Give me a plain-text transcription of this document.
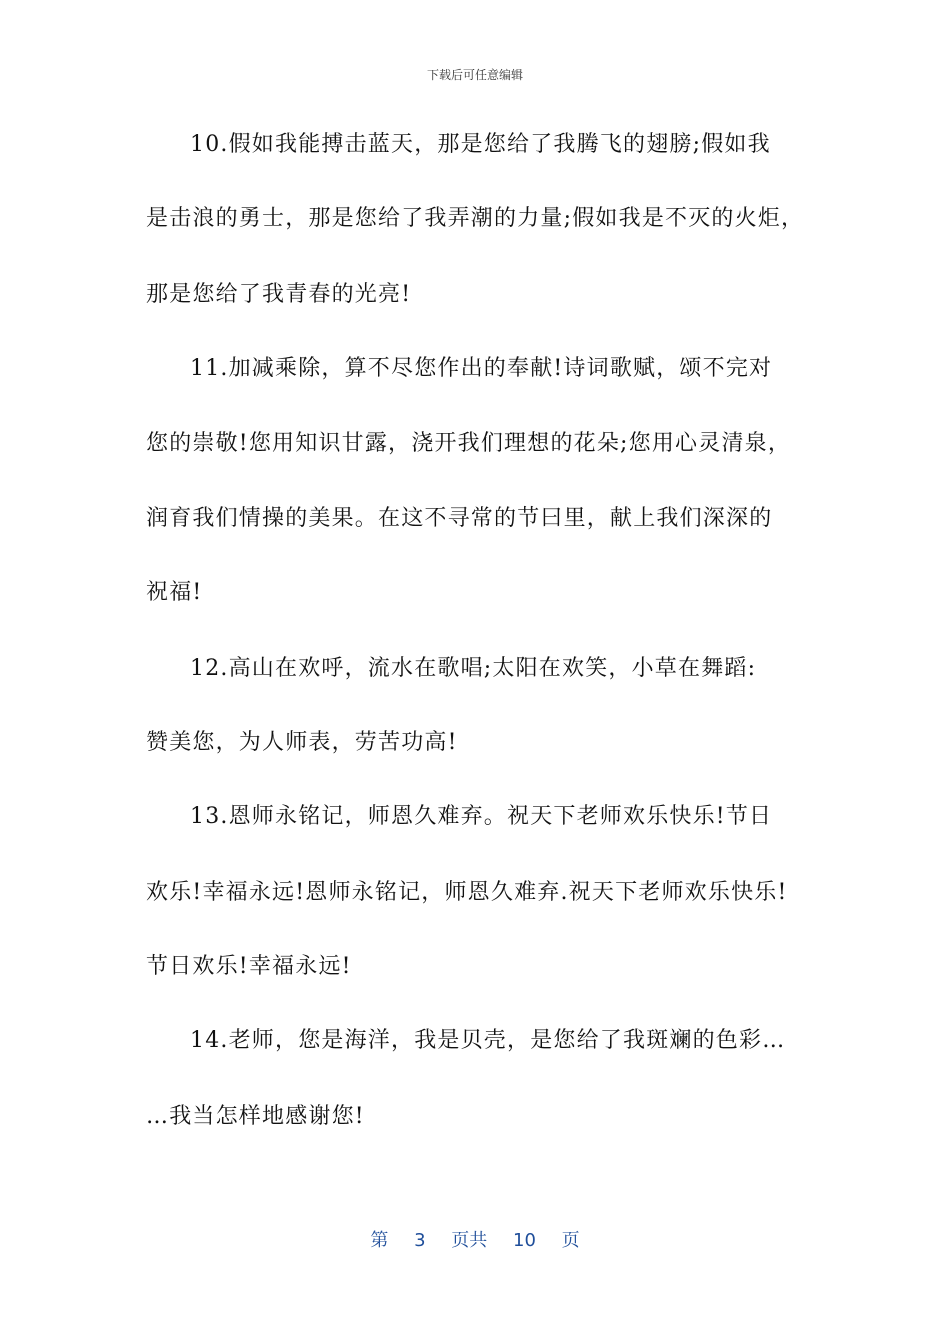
下载后可任意编辑
10.假如我能搏击蓝天，那是您给了我腾飞的翅膀;假如我
是击浪的勇士，那是您给了我弄潮的力量;假如我是不灭的火炬，
那是您给了我青春的光亮!
11.加减乘除，算不尽您作出的奉献!诗词歌赋，颂不完对
您的崇敬!您用知识甘露，浇开我们理想的花朵;您用心灵清泉，
润育我们情操的美果。在这不寻常的节曰里，献上我们深深的
祝福!
12.高山在欢呼，流水在歌唱;太阳在欢笑，小草在舞蹈:
赞美您，为人师表，劳苦功高!
13.恩师永铭记，师恩久难弃。祝天下老师欢乐快乐!节日
欢乐!幸福永远!恩师永铭记，师恩久难弃.祝天下老师欢乐快乐!
节日欢乐!幸福永远!
14.老师，您是海洋，我是贝壳，是您给了我斑斓的色彩…
…我当怎样地感谢您!
第 3 页共 10 页
